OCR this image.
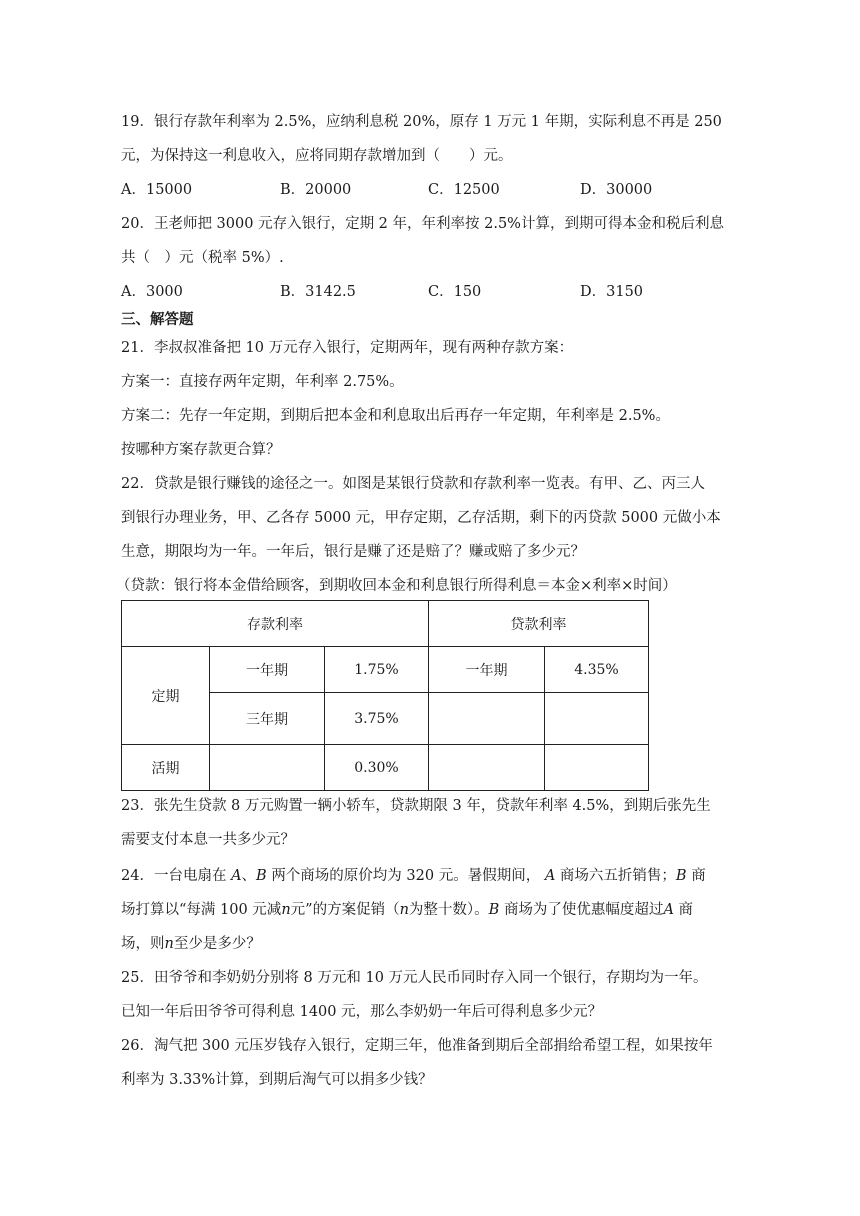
19．银行存款年利率为 2.5%，应纳利息税 20%，原存 1 万元 1 年期，实际利息不再是 250
元，为保持这一利息收入，应将同期存款增加到（　　）元。
A．15000	B．20000	C．12500	D．30000
20．王老师把 3000 元存入银行，定期 2 年，年利率按 2.5%计算，到期可得本金和税后利息
共（　）元（税率 5%）.
A．3000	B．3142.5	C．150	D．3150
三、解答题
21．李叔叔准备把 10 万元存入银行，定期两年，现有两种存款方案：
方案一：直接存两年定期，年利率 2.75%。
方案二：先存一年定期，到期后把本金和利息取出后再存一年定期，年利率是 2.5%。
按哪种方案存款更合算？
22．贷款是银行赚钱的途径之一。如图是某银行贷款和存款利率一览表。有甲、乙、丙三人
到银行办理业务，甲、乙各存 5000 元，甲存定期，乙存活期，剩下的丙贷款 5000 元做小本
生意，期限均为一年。一年后，银行是赚了还是赔了？赚或赔了多少元？
（贷款：银行将本金借给顾客，到期收回本金和利息银行所得利息＝本金×利率×时间）
存款利率			贷款利率	
定期	一年期	1.75%	一年期	4.35%
	三年期	3.75%		
活期		0.30%		
23．张先生贷款 8 万元购置一辆小轿车，贷款期限 3 年，贷款年利率 4.5%，到期后张先生
需要支付本息一共多少元？
24．一台电扇在 A、B 两个商场的原价均为 320 元。暑假期间， A 商场六五折销售；B 商
场打算以“每满 100 元减n元”的方案促销（n为整十数）。B 商场为了使优惠幅度超过A 商
场，则n至少是多少？
25．田爷爷和李奶奶分别将 8 万元和 10 万元人民币同时存入同一个银行，存期均为一年。
已知一年后田爷爷可得利息 1400 元，那么李奶奶一年后可得利息多少元？
26．淘气把 300 元压岁钱存入银行，定期三年，他准备到期后全部捐给希望工程，如果按年
利率为 3.33%计算，到期后淘气可以捐多少钱？
